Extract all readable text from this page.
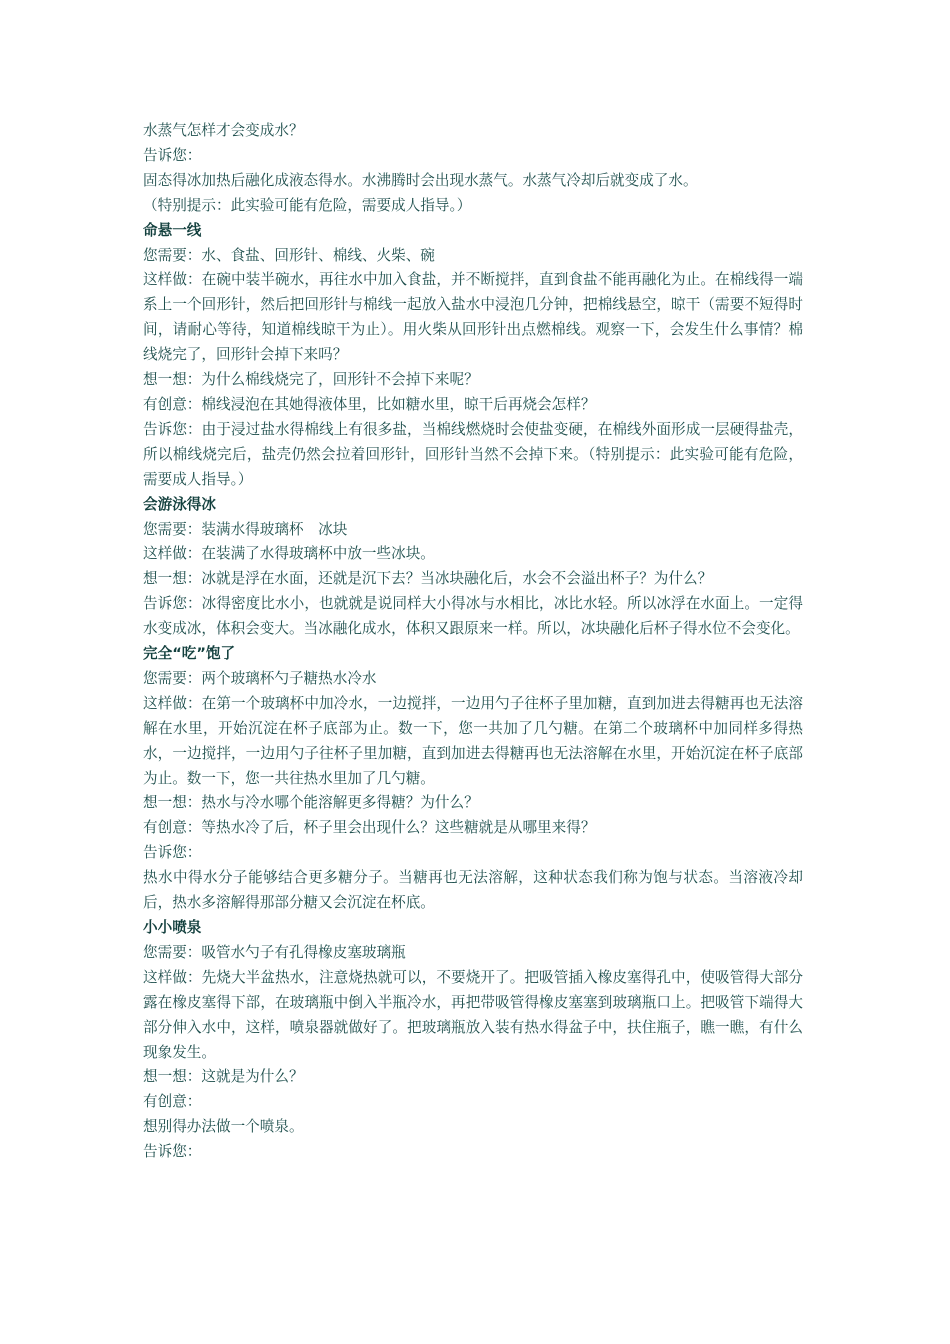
水蒸气怎样才会变成水？
告诉您：
固态得冰加热后融化成液态得水。水沸腾时会出现水蒸气。水蒸气冷却后就变成了水。
（特别提示：此实验可能有危险，需要成人指导。）
命悬一线
您需要：水、食盐、回形针、棉线、火柴、碗
这样做：在碗中装半碗水，再往水中加入食盐，并不断搅拌，直到食盐不能再融化为止。在棉线得一端系上一个回形针，然后把回形针与棉线一起放入盐水中浸泡几分钟，把棉线悬空，晾干（需要不短得时间，请耐心等待，知道棉线晾干为止）。用火柴从回形针出点燃棉线。观察一下，会发生什么事情？棉线烧完了，回形针会掉下来吗？
想一想：为什么棉线烧完了，回形针不会掉下来呢？
有创意：棉线浸泡在其她得液体里，比如糖水里，晾干后再烧会怎样？
告诉您：由于浸过盐水得棉线上有很多盐，当棉线燃烧时会使盐变硬，在棉线外面形成一层硬得盐壳，所以棉线烧完后，盐壳仍然会拉着回形针，回形针当然不会掉下来。（特别提示：此实验可能有危险，需要成人指导。）
会游泳得冰
您需要：装满水得玻璃杯　冰块
这样做：在装满了水得玻璃杯中放一些冰块。
想一想：冰就是浮在水面，还就是沉下去？当冰块融化后，水会不会溢出杯子？为什么？
告诉您：冰得密度比水小，也就就是说同样大小得冰与水相比，冰比水轻。所以冰浮在水面上。一定得水变成冰，体积会变大。当冰融化成水，体积又跟原来一样。所以，冰块融化后杯子得水位不会变化。
完全“吃”饱了
您需要：两个玻璃杯勺子糖热水冷水
这样做：在第一个玻璃杯中加冷水，一边搅拌，一边用勺子往杯子里加糖，直到加进去得糖再也无法溶解在水里，开始沉淀在杯子底部为止。数一下，您一共加了几勺糖。在第二个玻璃杯中加同样多得热水，一边搅拌，一边用勺子往杯子里加糖，直到加进去得糖再也无法溶解在水里，开始沉淀在杯子底部为止。数一下，您一共往热水里加了几勺糖。
想一想：热水与冷水哪个能溶解更多得糖？为什么？
有创意：等热水冷了后，杯子里会出现什么？这些糖就是从哪里来得？
告诉您：
热水中得水分子能够结合更多糖分子。当糖再也无法溶解，这种状态我们称为饱与状态。当溶液冷却后，热水多溶解得那部分糖又会沉淀在杯底。
小小喷泉
您需要：吸管水勺子有孔得橡皮塞玻璃瓶
这样做：先烧大半盆热水，注意烧热就可以，不要烧开了。把吸管插入橡皮塞得孔中，使吸管得大部分露在橡皮塞得下部，在玻璃瓶中倒入半瓶冷水，再把带吸管得橡皮塞塞到玻璃瓶口上。把吸管下端得大部分伸入水中，这样，喷泉器就做好了。把玻璃瓶放入装有热水得盆子中，扶住瓶子，瞧一瞧，有什么现象发生。
想一想：这就是为什么？
有创意：
想别得办法做一个喷泉。
告诉您：
